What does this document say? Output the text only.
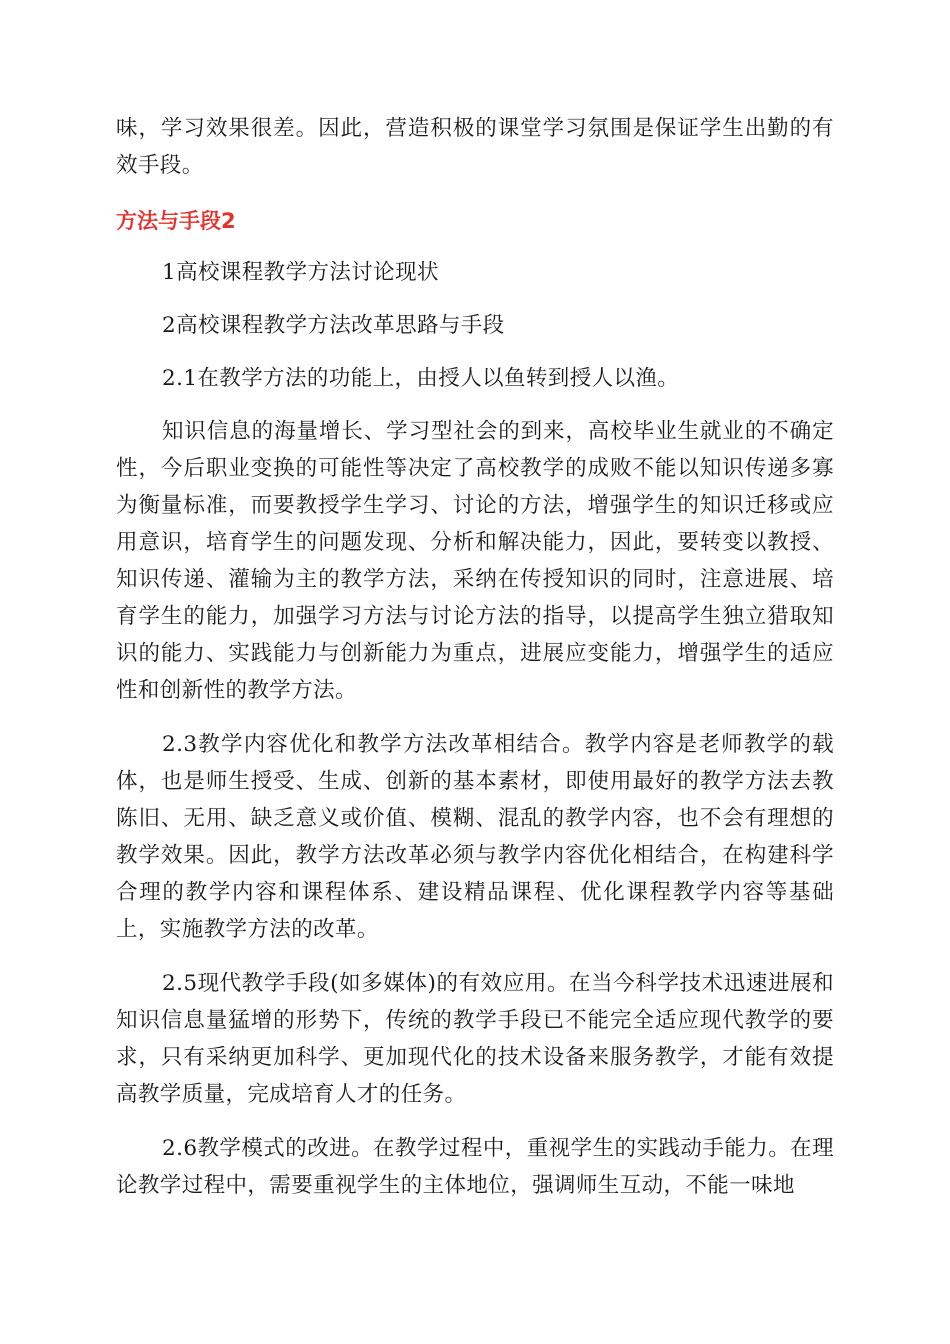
味，学习效果很差。因此，营造积极的课堂学习氛围是保证学生出勤的有效手段。

方法与手段2

1高校课程教学方法讨论现状

2高校课程教学方法改革思路与手段

2.1在教学方法的功能上，由授人以鱼转到授人以渔。

知识信息的海量增长、学习型社会的到来，高校毕业生就业的不确定性，今后职业变换的可能性等决定了高校教学的成败不能以知识传递多寡为衡量标准，而要教授学生学习、讨论的方法，增强学生的知识迁移或应用意识，培育学生的问题发现、分析和解决能力，因此，要转变以教授、知识传递、灌输为主的教学方法，采纳在传授知识的同时，注意进展、培育学生的能力，加强学习方法与讨论方法的指导，以提高学生独立猎取知识的能力、实践能力与创新能力为重点，进展应变能力，增强学生的适应性和创新性的教学方法。

2.3教学内容优化和教学方法改革相结合。教学内容是老师教学的载体，也是师生授受、生成、创新的基本素材，即使用最好的教学方法去教陈旧、无用、缺乏意义或价值、模糊、混乱的教学内容，也不会有理想的教学效果。因此，教学方法改革必须与教学内容优化相结合，在构建科学合理的教学内容和课程体系、建设精品课程、优化课程教学内容等基础上，实施教学方法的改革。

2.5现代教学手段(如多媒体)的有效应用。在当今科学技术迅速进展和知识信息量猛增的形势下，传统的教学手段已不能完全适应现代教学的要求，只有采纳更加科学、更加现代化的技术设备来服务教学，才能有效提高教学质量，完成培育人才的任务。

2.6教学模式的改进。在教学过程中，重视学生的实践动手能力。在理论教学过程中，需要重视学生的主体地位，强调师生互动，不能一味地
